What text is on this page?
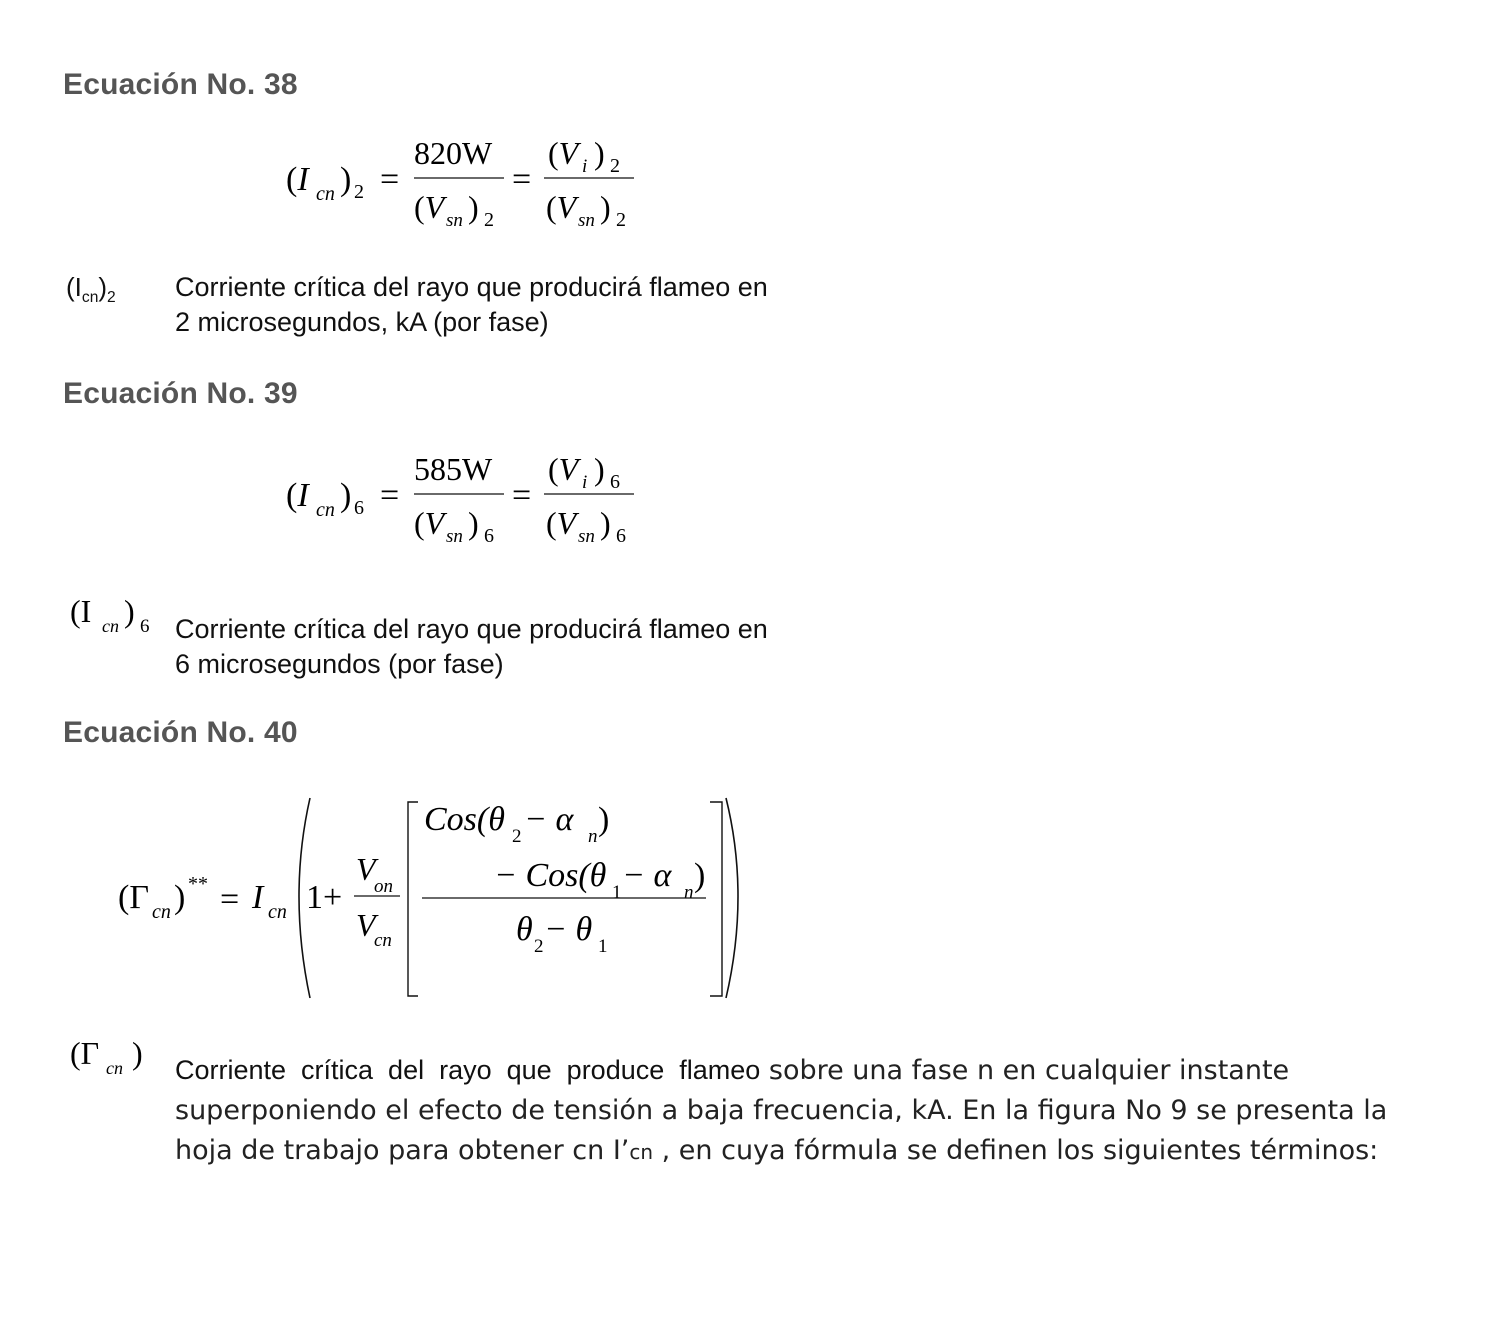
Ecuación No. 38
(I cn ) 2 =
820W
(V sn ) 2
=
(V i ) 2
(V sn ) 2
$(I_{cn})_2$ Corriente crítica del rayo que producirá flameo en
2 microsegundos, kA (por fase)
Ecuación No. 39
(I cn ) 6 =
585W
(V sn ) 6
=
(V i ) 6
(V sn ) 6
(I cn ) 6 Corriente crítica del rayo que producirá flameo en
6 microsegundos (por fase)
Ecuación No. 40
(Γ cn ) ** = I cn 1+
V
on
V
cn
Cos(θ 2 − α n )
− Cos(θ 1 − α n )
θ 2 − θ 1
(Γ cn ) Corriente  crítica  del  rayo  que  produce  flameo sobre una fase n en cualquier instante
superponiendo el efecto de tensión a baja frecuencia, kA. En la figura No 9 se presenta la
hoja de trabajo para obtener cn I’cn , en cuya fórmula se definen los siguientes términos:
